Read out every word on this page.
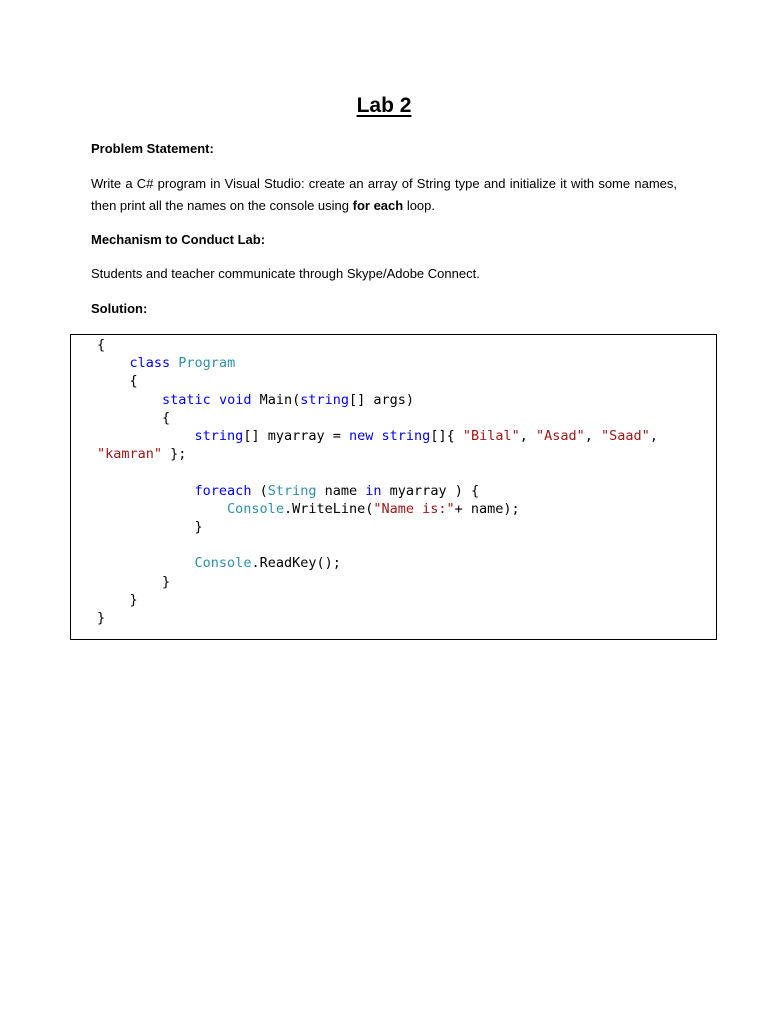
Lab 2
Problem Statement:
Write a C# program in Visual Studio: create an array of String type and initialize it with some names, then print all the names on the console using for each loop.
Mechanism to Conduct Lab:
Students and teacher communicate through Skype/Adobe Connect.
Solution:
{
class Program
{
static void Main(string[] args)
{
string[] myarray = new string[]{ "Bilal", "Asad", "Saad",
"kamran" };

foreach (String name in myarray ) {
Console.WriteLine("Name is:"+ name);
}

Console.ReadKey();
}
}
}
